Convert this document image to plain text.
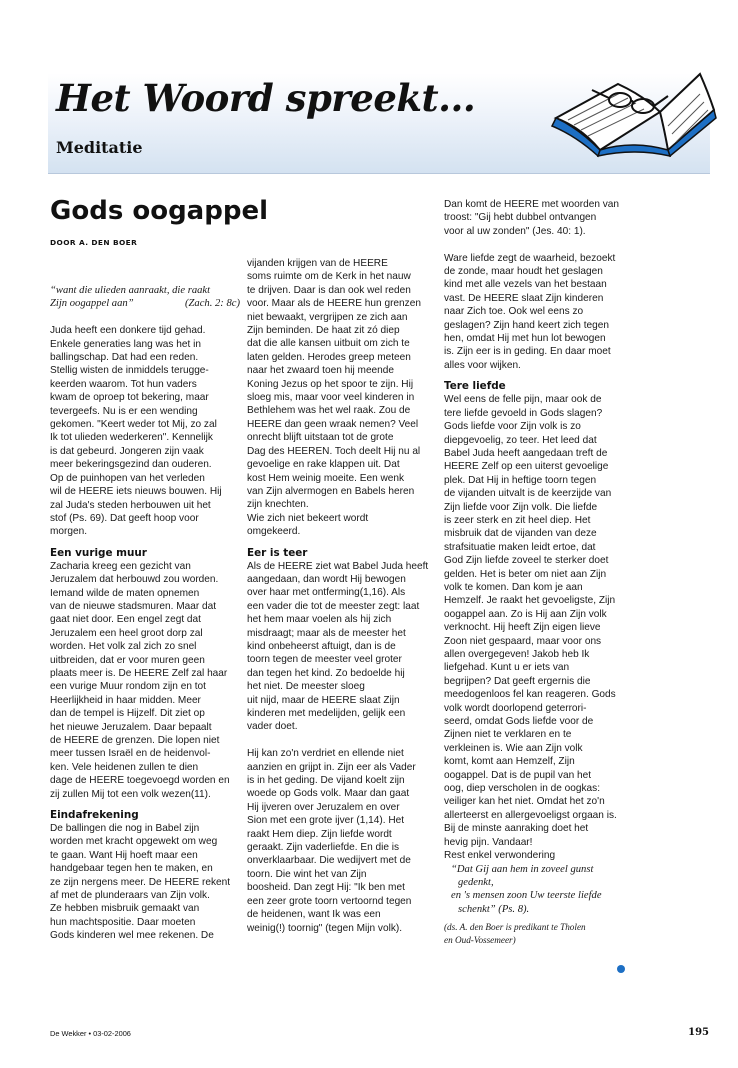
Het Woord spreekt...
Meditatie
Gods oogappel
DOOR A. DEN BOER
“want die ulieden aanraakt, die raakt
Zijn oogappel aan”	(Zach. 2: 8c)
Juda heeft een donkere tijd gehad.
Enkele generaties lang was het in
ballingschap. Dat had een reden.
Stellig wisten de inmiddels terugge-
keerden waarom. Tot hun vaders
kwam de oproep tot bekering, maar
tevergeefs. Nu is er een wending
gekomen. "Keert weder tot Mij, zo zal
Ik tot ulieden wederkeren". Kennelijk
is dat gebeurd. Jongeren zijn vaak
meer bekeringsgezind dan ouderen.
Op de puinhopen van het verleden
wil de HEERE iets nieuws bouwen. Hij
zal Juda's steden herbouwen uit het
stof (Ps. 69). Dat geeft hoop voor
morgen.
Een vurige muur
Zacharia kreeg een gezicht van
Jeruzalem dat herbouwd zou worden.
Iemand wilde de maten opnemen
van de nieuwe stadsmuren. Maar dat
gaat niet door. Een engel zegt dat
Jeruzalem een heel groot dorp zal
worden. Het volk zal zich zo snel
uitbreiden, dat er voor muren geen
plaats meer is. De HEERE Zelf zal haar
een vurige Muur rondom zijn en tot
Heerlijkheid in haar midden. Meer
dan de tempel is Hijzelf. Dit ziet op
het nieuwe Jeruzalem. Daar bepaalt
de HEERE de grenzen. Die lopen niet
meer tussen Israël en de heidenvol-
ken. Vele heidenen zullen te dien
dage de HEERE toegevoegd worden en
zij zullen Mij tot een volk wezen(11).
Eindafrekening
De ballingen die nog in Babel zijn
worden met kracht opgewekt om weg
te gaan. Want Hij hoeft maar een
handgebaar tegen hen te maken, en
ze zijn nergens meer. De HEERE rekent
af met de plunderaars van Zijn volk.
Ze hebben misbruik gemaakt van
hun machtspositie. Daar moeten
Gods kinderen wel mee rekenen. De
vijanden krijgen van de HEERE
soms ruimte om de Kerk in het nauw
te drijven. Daar is dan ook wel reden
voor. Maar als de HEERE hun grenzen
niet bewaakt, vergrijpen ze zich aan
Zijn beminden. De haat zit zó diep
dat die alle kansen uitbuit om zich te
laten gelden. Herodes greep meteen
naar het zwaard toen hij meende
Koning Jezus op het spoor te zijn. Hij
sloeg mis, maar voor veel kinderen in
Bethlehem was het wel raak. Zou de
HEERE dan geen wraak nemen? Veel
onrecht blijft uitstaan tot de grote
Dag des HEEREN. Toch deelt Hij nu al
gevoelige en rake klappen uit. Dat
kost Hem weinig moeite. Een wenk
van Zijn alvermogen en Babels heren
zijn knechten.
Wie zich niet bekeert wordt
omgekeerd.
Eer is teer
Als de HEERE ziet wat Babel Juda heeft
aangedaan, dan wordt Hij bewogen
over haar met ontferming(1,16). Als
een vader die tot de meester zegt: laat
het hem maar voelen als hij zich
misdraagt; maar als de meester het
kind onbeheerst aftuigt, dan is de
toorn tegen de meester veel groter
dan tegen het kind. Zo bedoelde hij
het niet. De meester sloeg
uit nijd, maar de HEERE slaat Zijn
kinderen met medelijden, gelijk een
vader doet.
Hij kan zo'n verdriet en ellende niet
aanzien en grijpt in. Zijn eer als Vader
is in het geding. De vijand koelt zijn
woede op Gods volk. Maar dan gaat
Hij ijveren over Jeruzalem en over
Sion met een grote ijver (1,14). Het
raakt Hem diep. Zijn liefde wordt
geraakt. Zijn vaderliefde. En die is
onverklaarbaar. Die wedijvert met de
toorn. Die wint het van Zijn
boosheid. Dan zegt Hij: "Ik ben met
een zeer grote toorn vertoornd tegen
de heidenen, want Ik was een
weinig(!) toornig" (tegen Mijn volk).
Dan komt de HEERE met woorden van
troost: "Gij hebt dubbel ontvangen
voor al uw zonden" (Jes. 40: 1).
Ware liefde zegt de waarheid, bezoekt
de zonde, maar houdt het geslagen
kind met alle vezels van het bestaan
vast. De HEERE slaat Zijn kinderen
naar Zich toe. Ook wel eens zo
geslagen? Zijn hand keert zich tegen
hen, omdat Hij met hun lot bewogen
is. Zijn eer is in geding. En daar moet
alles voor wijken.
Tere liefde
Wel eens de felle pijn, maar ook de
tere liefde gevoeld in Gods slagen?
Gods liefde voor Zijn volk is zo
diepgevoelig, zo teer. Het leed dat
Babel Juda heeft aangedaan treft de
HEERE Zelf op een uiterst gevoelige
plek. Dat Hij in heftige toorn tegen
de vijanden uitvalt is de keerzijde van
Zijn liefde voor Zijn volk. Die liefde
is zeer sterk en zit heel diep. Het
misbruik dat de vijanden van deze
strafsituatie maken leidt ertoe, dat
God Zijn liefde zoveel te sterker doet
gelden. Het is beter om niet aan Zijn
volk te komen. Dan kom je aan
Hemzelf. Je raakt het gevoeligste, Zijn
oogappel aan. Zo is Hij aan Zijn volk
verknocht. Hij heeft Zijn eigen lieve
Zoon niet gespaard, maar voor ons
allen overgegeven! Jakob heb Ik
liefgehad. Kunt u er iets van
begrijpen? Dat geeft ergernis die
meedogenloos fel kan reageren. Gods
volk wordt doorlopend geterrori-
seerd, omdat Gods liefde voor de
Zijnen niet te verklaren en te
verkleinen is. Wie aan Zijn volk
komt, komt aan Hemzelf, Zijn
oogappel. Dat is de pupil van het
oog, diep verscholen in de oogkas:
veiliger kan het niet. Omdat het zo'n
allerteerst en allergevoeligst orgaan is.
Bij de minste aanraking doet het
hevig pijn. Vandaar!
Rest enkel verwondering
“Dat Gij aan hem in zoveel gunst
gedenkt,
en 's mensen zoon Uw teerste liefde
schenkt” (Ps. 8).
(ds. A. den Boer is predikant te Tholen
en Oud-Vossemeer)
De Wekker • 03-02-2006	195
